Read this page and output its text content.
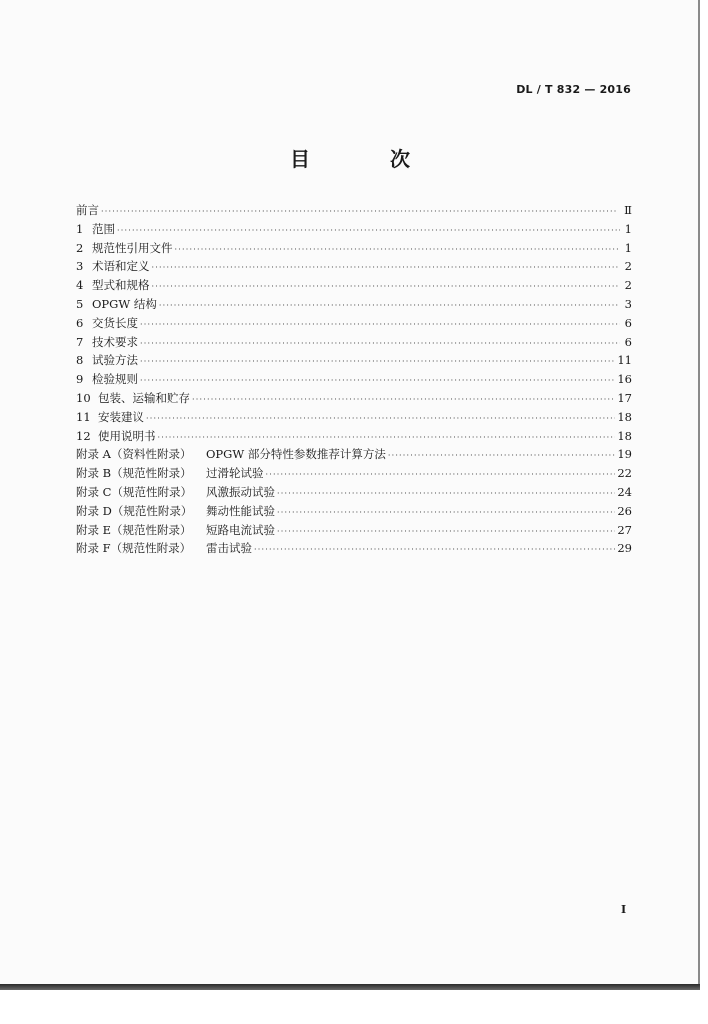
DL / T 832 — 2016
目　次
前言 ·····	Ⅱ
1 范围 ·····	1
2 规范性引用文件 ·····	1
3 术语和定义 ·····	2
4 型式和规格 ·····	2
5 OPGW 结构 ·····	3
6 交货长度 ·····	6
7 技术要求 ·····	6
8 试验方法 ·····	11
9 检验规则 ·····	16
10 包装、运输和贮存 ·····	17
11 安装建议 ·····	18
12 使用说明书 ·····	18
附录 A（资料性附录） OPGW 部分特性参数推荐计算方法 ·····	19
附录 B（规范性附录） 过滑轮试验 ·····	22
附录 C（规范性附录） 风激振动试验 ·····	24
附录 D（规范性附录） 舞动性能试验 ·····	26
附录 E（规范性附录） 短路电流试验 ·····	27
附录 F（规范性附录） 雷击试验 ·····	29
I
